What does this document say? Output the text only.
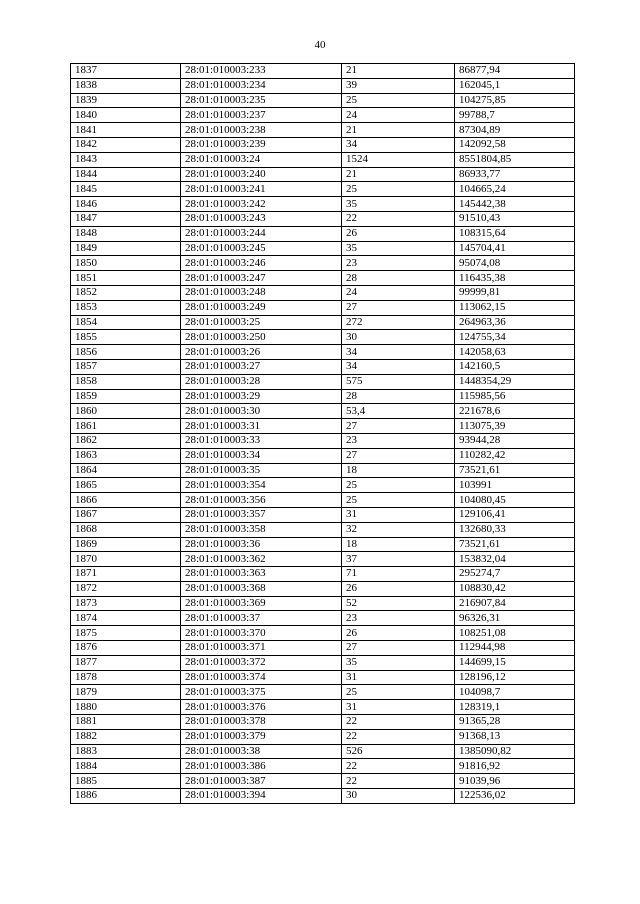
40
1837	28:01:010003:233	21	86877,94
1838	28:01:010003:234	39	162045,1
1839	28:01:010003:235	25	104275,85
1840	28:01:010003:237	24	99788,7
1841	28:01:010003:238	21	87304,89
1842	28:01:010003:239	34	142092,58
1843	28:01:010003:24	1524	8551804,85
1844	28:01:010003:240	21	86933,77
1845	28:01:010003:241	25	104665,24
1846	28:01:010003:242	35	145442,38
1847	28:01:010003:243	22	91510,43
1848	28:01:010003:244	26	108315,64
1849	28:01:010003:245	35	145704,41
1850	28:01:010003:246	23	95074,08
1851	28:01:010003:247	28	116435,38
1852	28:01:010003:248	24	99999,81
1853	28:01:010003:249	27	113062,15
1854	28:01:010003:25	272	264963,36
1855	28:01:010003:250	30	124755,34
1856	28:01:010003:26	34	142058,63
1857	28:01:010003:27	34	142160,5
1858	28:01:010003:28	575	1448354,29
1859	28:01:010003:29	28	115985,56
1860	28:01:010003:30	53,4	221678,6
1861	28:01:010003:31	27	113075,39
1862	28:01:010003:33	23	93944,28
1863	28:01:010003:34	27	110282,42
1864	28:01:010003:35	18	73521,61
1865	28:01:010003:354	25	103991
1866	28:01:010003:356	25	104080,45
1867	28:01:010003:357	31	129106,41
1868	28:01:010003:358	32	132680,33
1869	28:01:010003:36	18	73521,61
1870	28:01:010003:362	37	153832,04
1871	28:01:010003:363	71	295274,7
1872	28:01:010003:368	26	108830,42
1873	28:01:010003:369	52	216907,84
1874	28:01:010003:37	23	96326,31
1875	28:01:010003:370	26	108251,08
1876	28:01:010003:371	27	112944,98
1877	28:01:010003:372	35	144699,15
1878	28:01:010003:374	31	128196,12
1879	28:01:010003:375	25	104098,7
1880	28:01:010003:376	31	128319,1
1881	28:01:010003:378	22	91365,28
1882	28:01:010003:379	22	91368,13
1883	28:01:010003:38	526	1385090,82
1884	28:01:010003:386	22	91816,92
1885	28:01:010003:387	22	91039,96
1886	28:01:010003:394	30	122536,02
